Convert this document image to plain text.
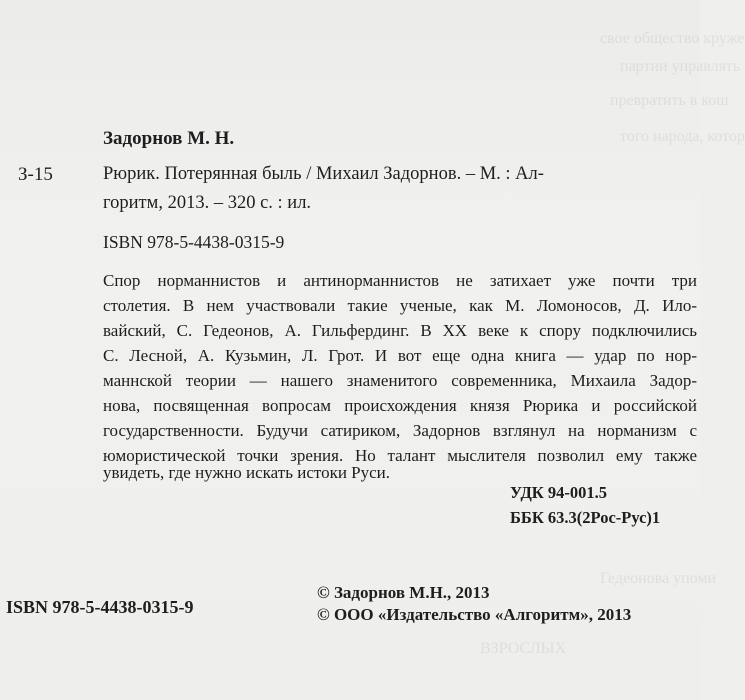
свое общество круже
партии управлять
превратить в кош
того народа, котор
Гедеонова упоми
ВЗРОСЛЫХ
Задорнов М. Н.
З-15	Рюрик. Потерянная быль / Михаил Задорнов. – М. : Ал-
горитм, 2013. – 320 с. : ил.
ISBN 978-5-4438-0315-9
Спор норманнистов и антинорманнистов не затихает уже почти три
столетия. В нем участвовали такие ученые, как М. Ломоносов, Д. Ило-
вайский, С. Гедеонов, А. Гильфердинг. В XX веке к спору подключились
С. Лесной, А. Кузьмин, Л. Грот. И вот еще одна книга — удар по нор-
маннской теории — нашего знаменитого современника, Михаила Задор-
нова, посвященная вопросам происхождения князя Рюрика и российской
государственности. Будучи сатириком, Задорнов взглянул на норманизм с
юмористической точки зрения. Но талант мыслителя позволил ему также
увидеть, где нужно искать истоки Руси.
УДК 94-001.5
ББК 63.3(2Рос-Рус)1
ISBN 978-5-4438-0315-9
© Задорнов М.Н., 2013
© ООО «Издательство «Алгоритм», 2013
